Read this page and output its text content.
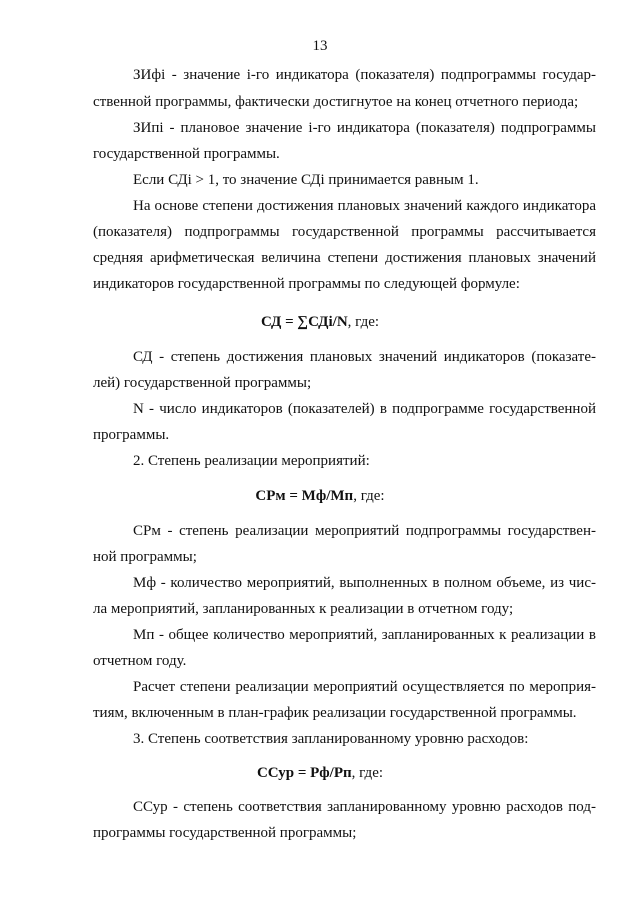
13
ЗИфі - значение і-го индикатора (показателя) подпрограммы государ-
ственной программы, фактически достигнутое на конец отчетного периода;
ЗИпі - плановое значение і-го индикатора (показателя) подпрограммы
государственной программы.
Если СДі > 1, то значение СДі принимается равным 1.
На основе степени достижения плановых значений каждого индикатора
(показателя) подпрограммы государственной программы рассчитывается
средняя арифметическая величина степени достижения плановых значений
индикаторов государственной программы по следующей формуле:
СД = ∑СДі/N, где:
СД - степень достижения плановых значений индикаторов (показате-
лей) государственной программы;
N - число индикаторов (показателей) в подпрограмме государственной
программы.
2. Степень реализации мероприятий:
СРм = Мф/Мп, где:
СРм - степень реализации мероприятий подпрограммы государствен-
ной программы;
Мф - количество мероприятий, выполненных в полном объеме, из чис-
ла мероприятий, запланированных к реализации в отчетном году;
Мп - общее количество мероприятий, запланированных к реализации в
отчетном году.
Расчет степени реализации мероприятий осуществляется по мероприя-
тиям, включенным в план-график реализации государственной программы.
3. Степень соответствия запланированному уровню расходов:
ССур = Рф/Рп, где:
ССур - степень соответствия запланированному уровню расходов под-
программы государственной программы;
